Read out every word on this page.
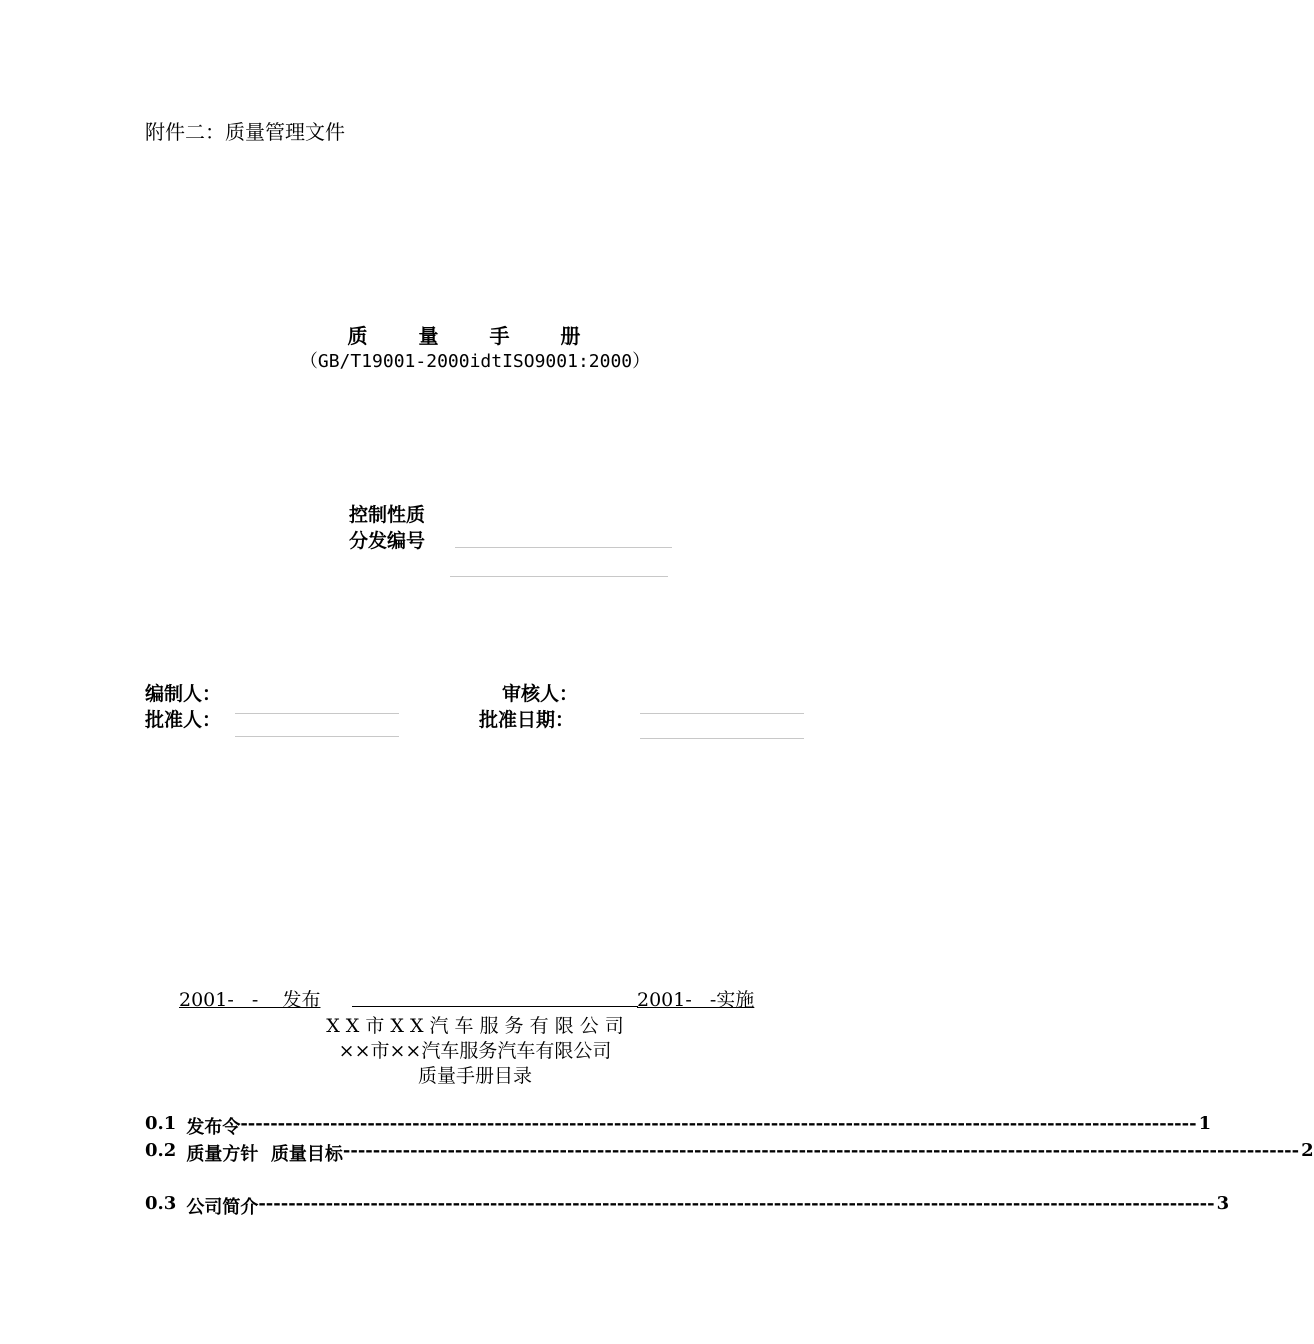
附件二：质量管理文件
质 量 手 册
（GB/T19001-2000idtISO9001:2000）
控制性质
分发编号
编制人：	审核人：
批准人：	批准日期：
2001-   -    发布	2001-   -实施
X X 市 X X 汽 车 服 务 有 限 公 司
××市××汽车服务汽车有限公司
质量手册目录
0.1 发布令 -------------------------------------------------------------------------------------------------------------------------------- 1
0.2 质量方针  质量目标 -------------------------------------------------------------------------------------------------------------------------------- 2
0.3 公司简介 -------------------------------------------------------------------------------------------------------------------------------- 3
